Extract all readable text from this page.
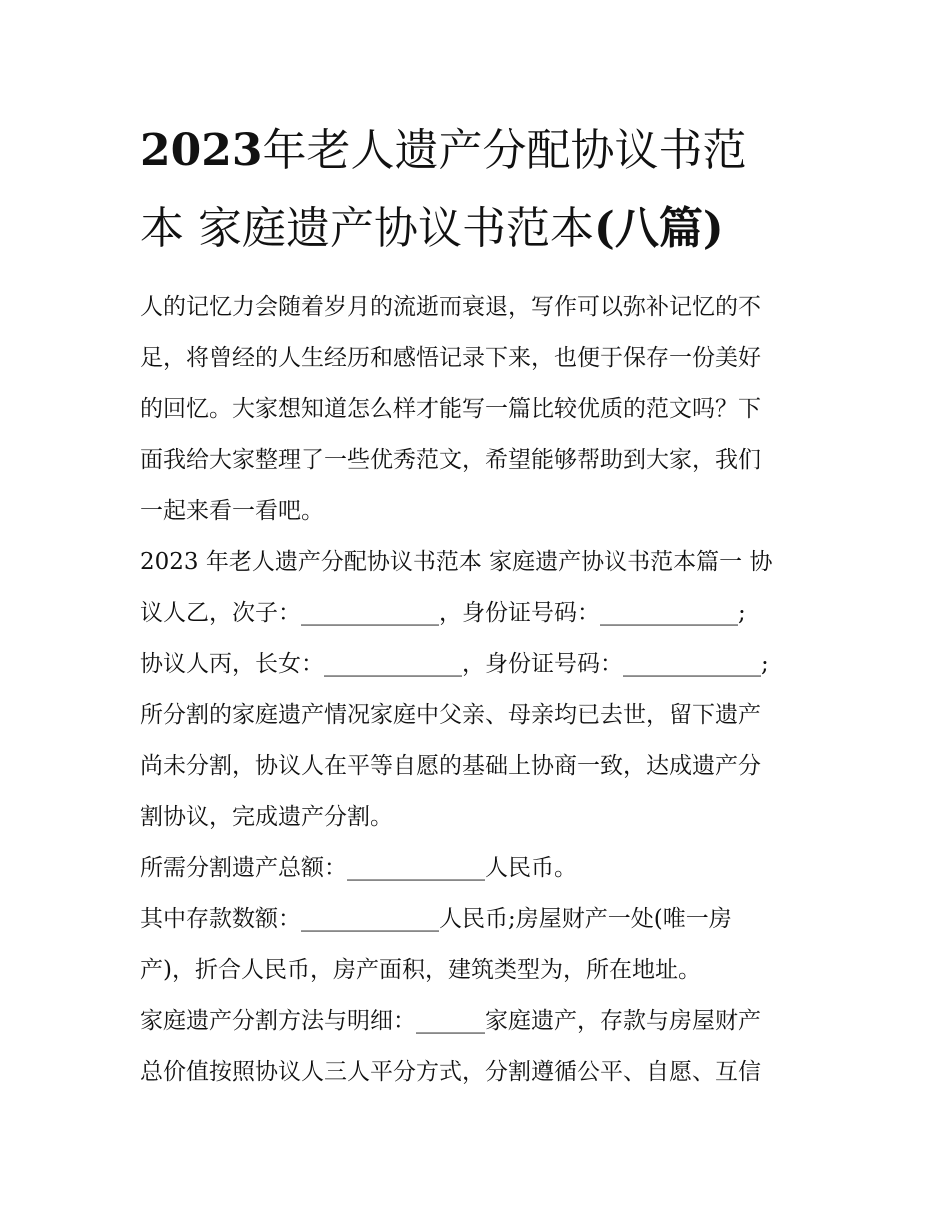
2023年老人遗产分配协议书范
本 家庭遗产协议书范本(八篇)

人的记忆力会随着岁月的流逝而衰退，写作可以弥补记忆的不
足，将曾经的人生经历和感悟记录下来，也便于保存一份美好
的回忆。大家想知道怎么样才能写一篇比较优质的范文吗？下
面我给大家整理了一些优秀范文，希望能够帮助到大家，我们
一起来看一看吧。

2023 年老人遗产分配协议书范本 家庭遗产协议书范本篇一 协
议人乙，次子：____________，身份证号码：____________;

协议人丙，长女：____________，身份证号码：____________;

所分割的家庭遗产情况家庭中父亲、母亲均已去世，留下遗产
尚未分割，协议人在平等自愿的基础上协商一致，达成遗产分
割协议，完成遗产分割。

所需分割遗产总额：____________人民币。

其中存款数额：____________人民币;房屋财产一处(唯一房
产)，折合人民币，房产面积，建筑类型为，所在地址。

家庭遗产分割方法与明细：______家庭遗产，存款与房屋财产
总价值按照协议人三人平分方式，分割遵循公平、自愿、互信
